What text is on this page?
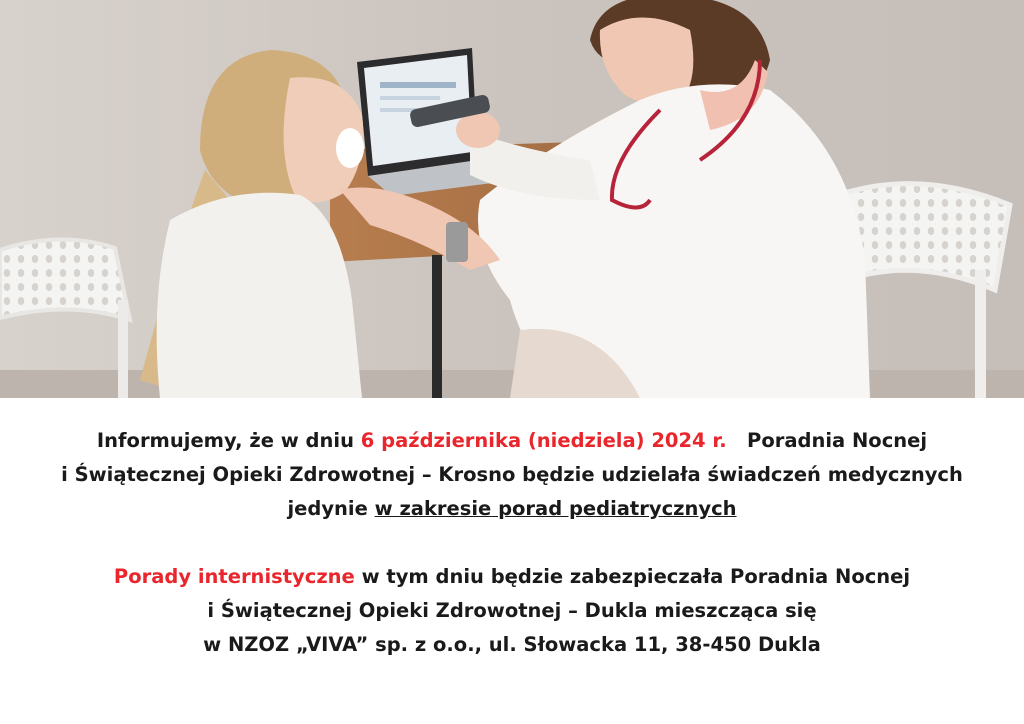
Informujemy, że w dniu 6 października (niedziela) 2024 r. Poradnia Nocnej
i Świątecznej Opieki Zdrowotnej – Krosno będzie udzielała świadczeń medycznych
jedynie w zakresie porad pediatrycznych
Porady internistyczne w tym dniu będzie zabezpieczała Poradnia Nocnej
i Świątecznej Opieki Zdrowotnej – Dukla mieszcząca się
w NZOZ „VIVA” sp. z o.o., ul. Słowacka 11, 38-450 Dukla
